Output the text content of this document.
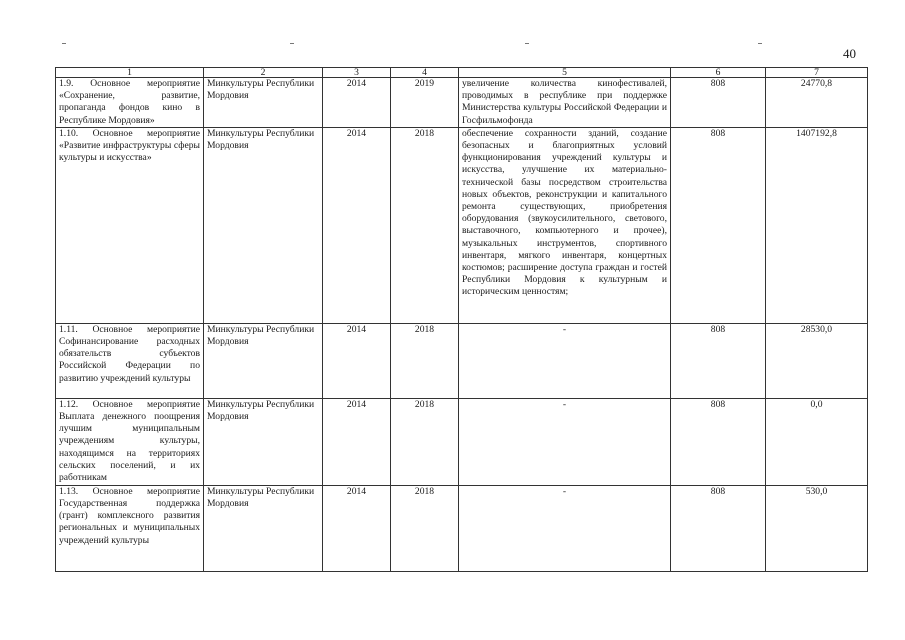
40
1	2	3	4	5	6	7
1.9. Основное мероприятие «Сохранение, развитие, пропаганда фондов кино в Республике Мордовия»	Минкультуры Республики Мордовия	2014	2019	увеличение количества кинофестивалей, проводимых в республике при поддержке Министерства культуры Российской Федерации и Госфильмофонда	808	24770,8
1.10. Основное мероприятие «Развитие инфраструктуры сферы культуры и искусства»	Минкультуры Республики Мордовия	2014	2018	обеспечение сохранности зданий, создание безопасных и благоприятных условий функционирования учреждений культуры и искусства, улучшение их материально-технической базы посредством строительства новых объектов, реконструкции и капитального ремонта существующих, приобретения оборудования (звукоусилительного, светового, выставочного, компьютерного и прочее), музыкальных инструментов, спортивного инвентаря, мягкого инвентаря, концертных костюмов; расширение доступа граждан и гостей Республики Мордовия к культурным и историческим ценностям;	808	1407192,8
1.11. Основное мероприятие Софинансирование расходных обязательств субъектов Российской Федерации по развитию учреждений культуры	Минкультуры Республики Мордовия	2014	2018	-	808	28530,0
1.12. Основное мероприятие Выплата денежного поощрения лучшим муниципальным учреждениям культуры, находящимся на территориях сельских поселений, и их работникам	Минкультуры Республики Мордовия	2014	2018	-	808	0,0
1.13. Основное мероприятие Государственная поддержка (грант) комплексного развития региональных и муниципальных учреждений культуры	Минкультуры Республики Мордовия	2014	2018	-	808	530,0
